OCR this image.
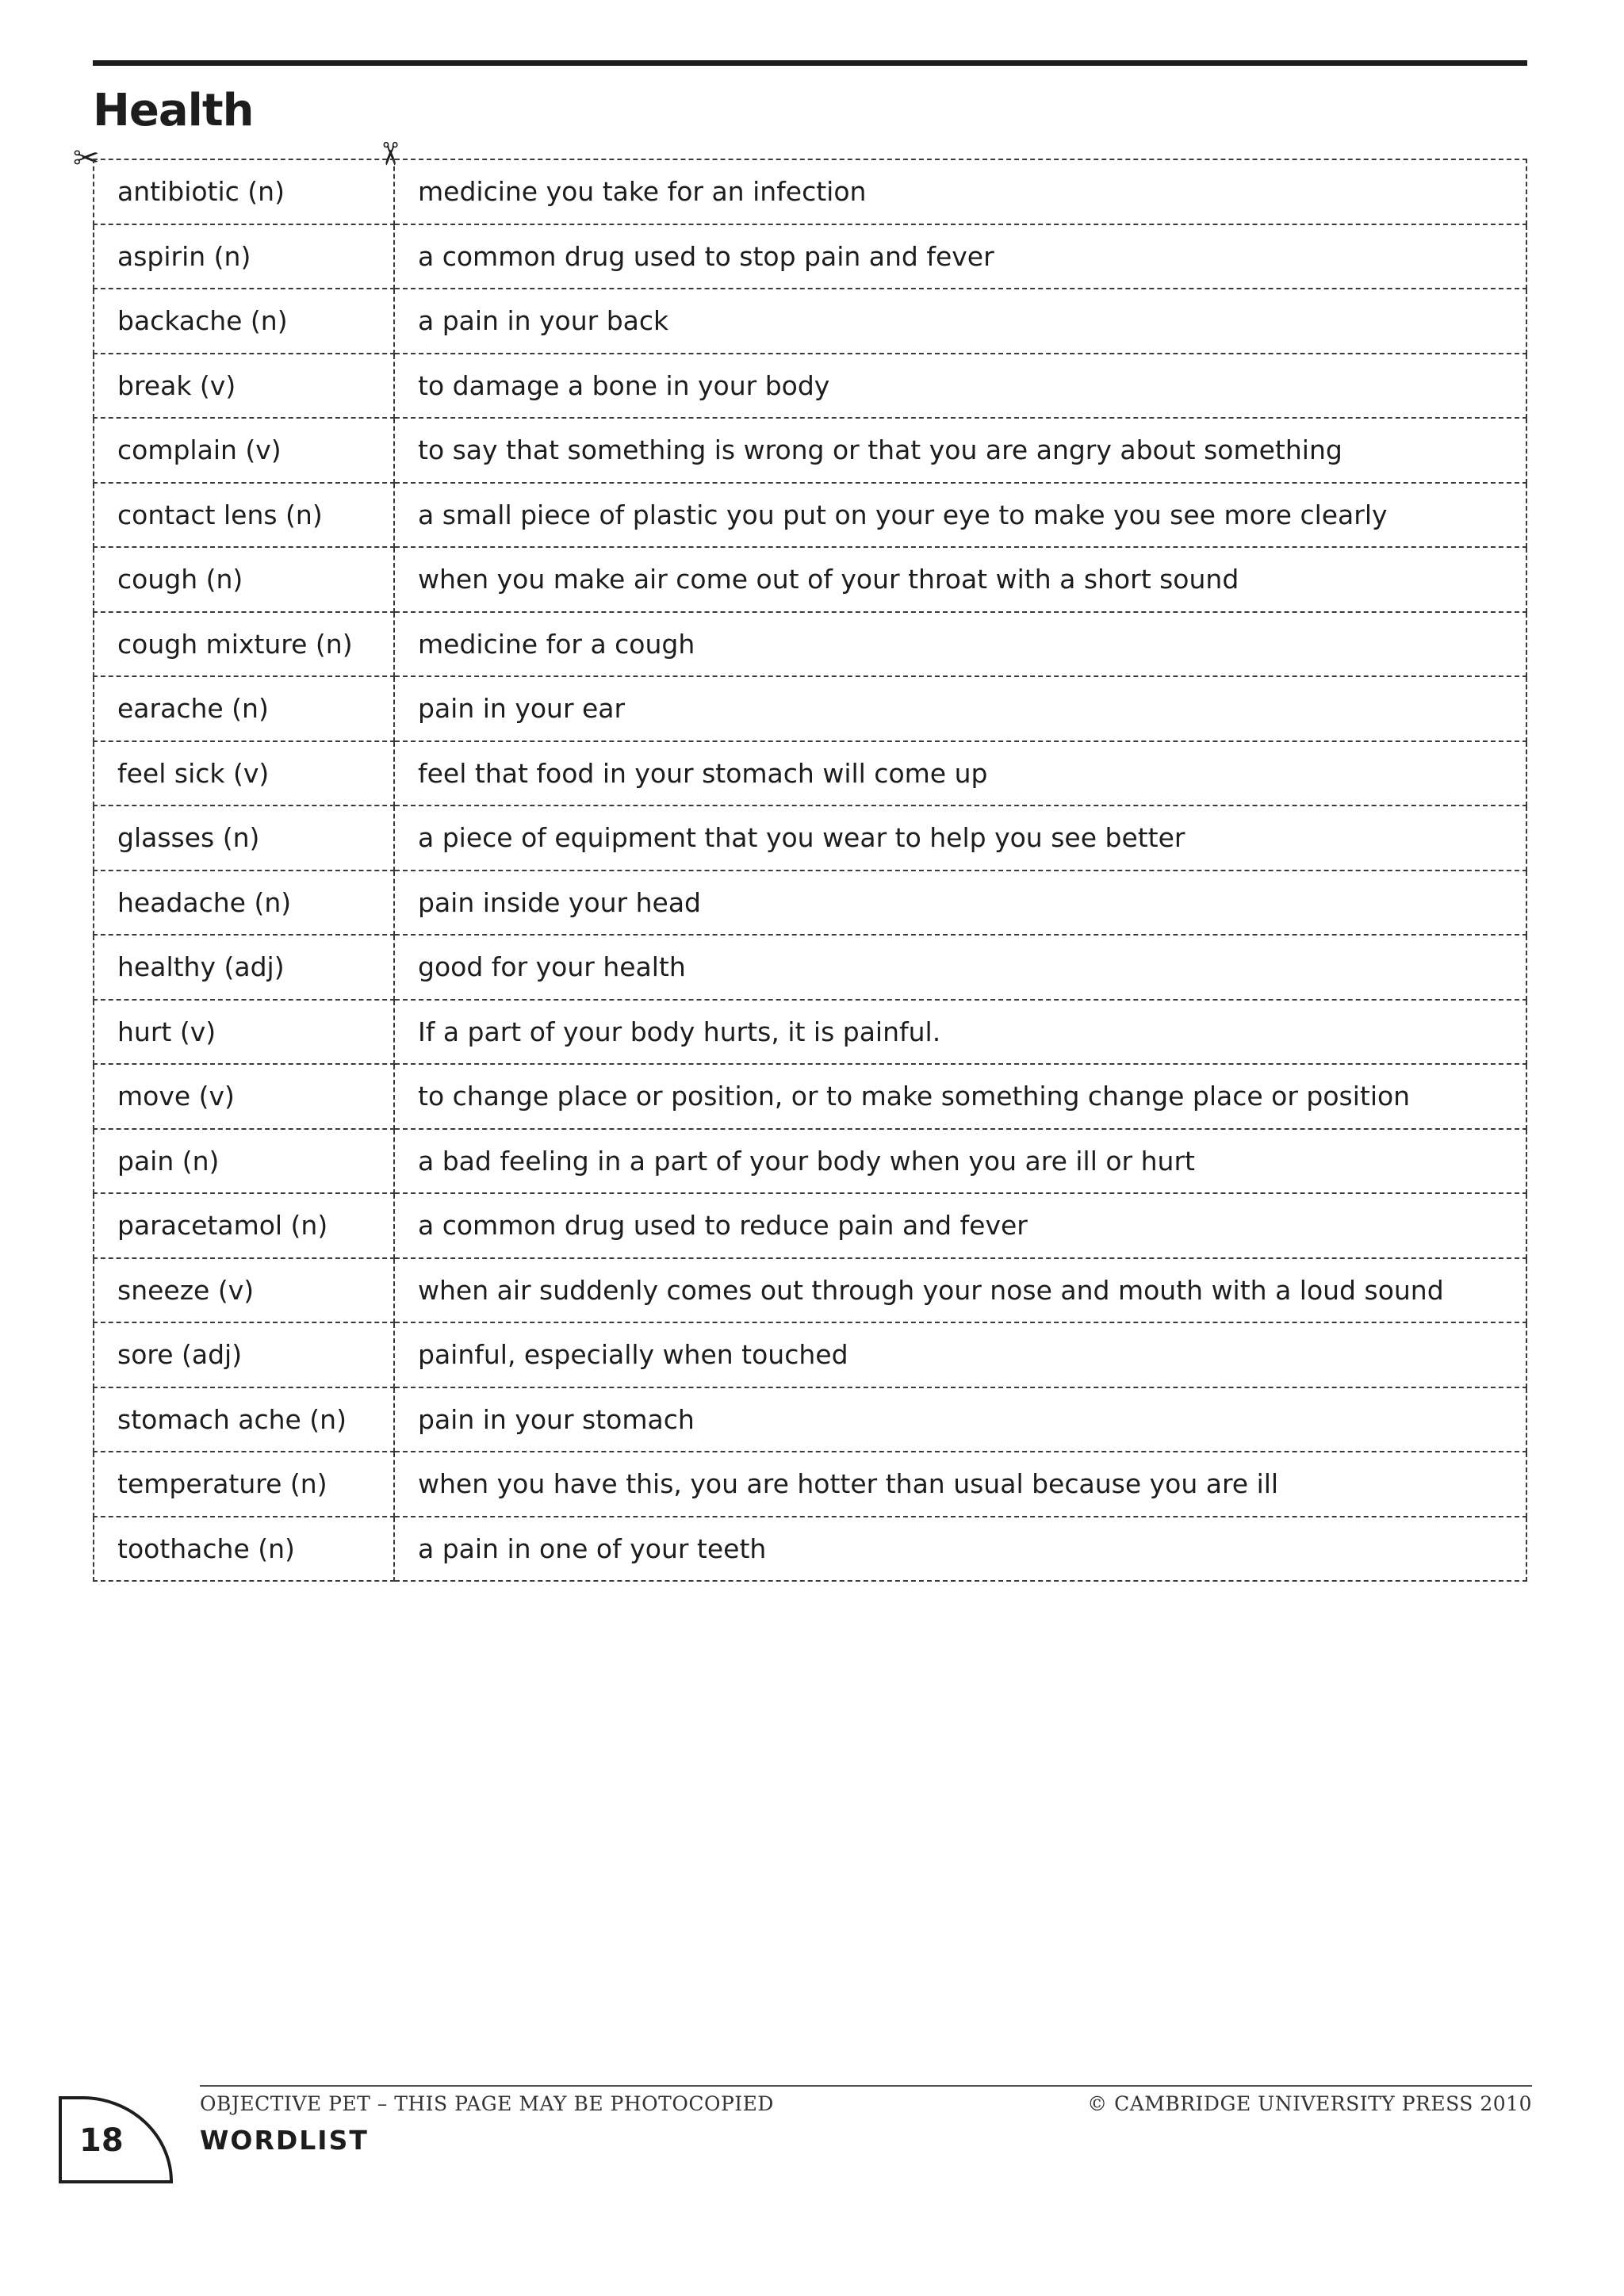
Health
✂	✂
antibiotic (n)	medicine you take for an infection
aspirin (n)	a common drug used to stop pain and fever
backache (n)	a pain in your back
break (v)	to damage a bone in your body
complain (v)	to say that something is wrong or that you are angry about something
contact lens (n)	a small piece of plastic you put on your eye to make you see more clearly
cough (n)	when you make air come out of your throat with a short sound
cough mixture (n)	medicine for a cough
earache (n)	pain in your ear
feel sick (v)	feel that food in your stomach will come up
glasses (n)	a piece of equipment that you wear to help you see better
headache (n)	pain inside your head
healthy (adj)	good for your health
hurt (v)	If a part of your body hurts, it is painful.
move (v)	to change place or position, or to make something change place or position
pain (n)	a bad feeling in a part of your body when you are ill or hurt
paracetamol (n)	a common drug used to reduce pain and fever
sneeze (v)	when air suddenly comes out through your nose and mouth with a loud sound
sore (adj)	painful, especially when touched
stomach ache (n)	pain in your stomach
temperature (n)	when you have this, you are hotter than usual because you are ill
toothache (n)	a pain in one of your teeth
OBJECTIVE PET – THIS PAGE MAY BE PHOTOCOPIED	© CAMBRIDGE UNIVERSITY PRESS 2010
WORDLIST
18
